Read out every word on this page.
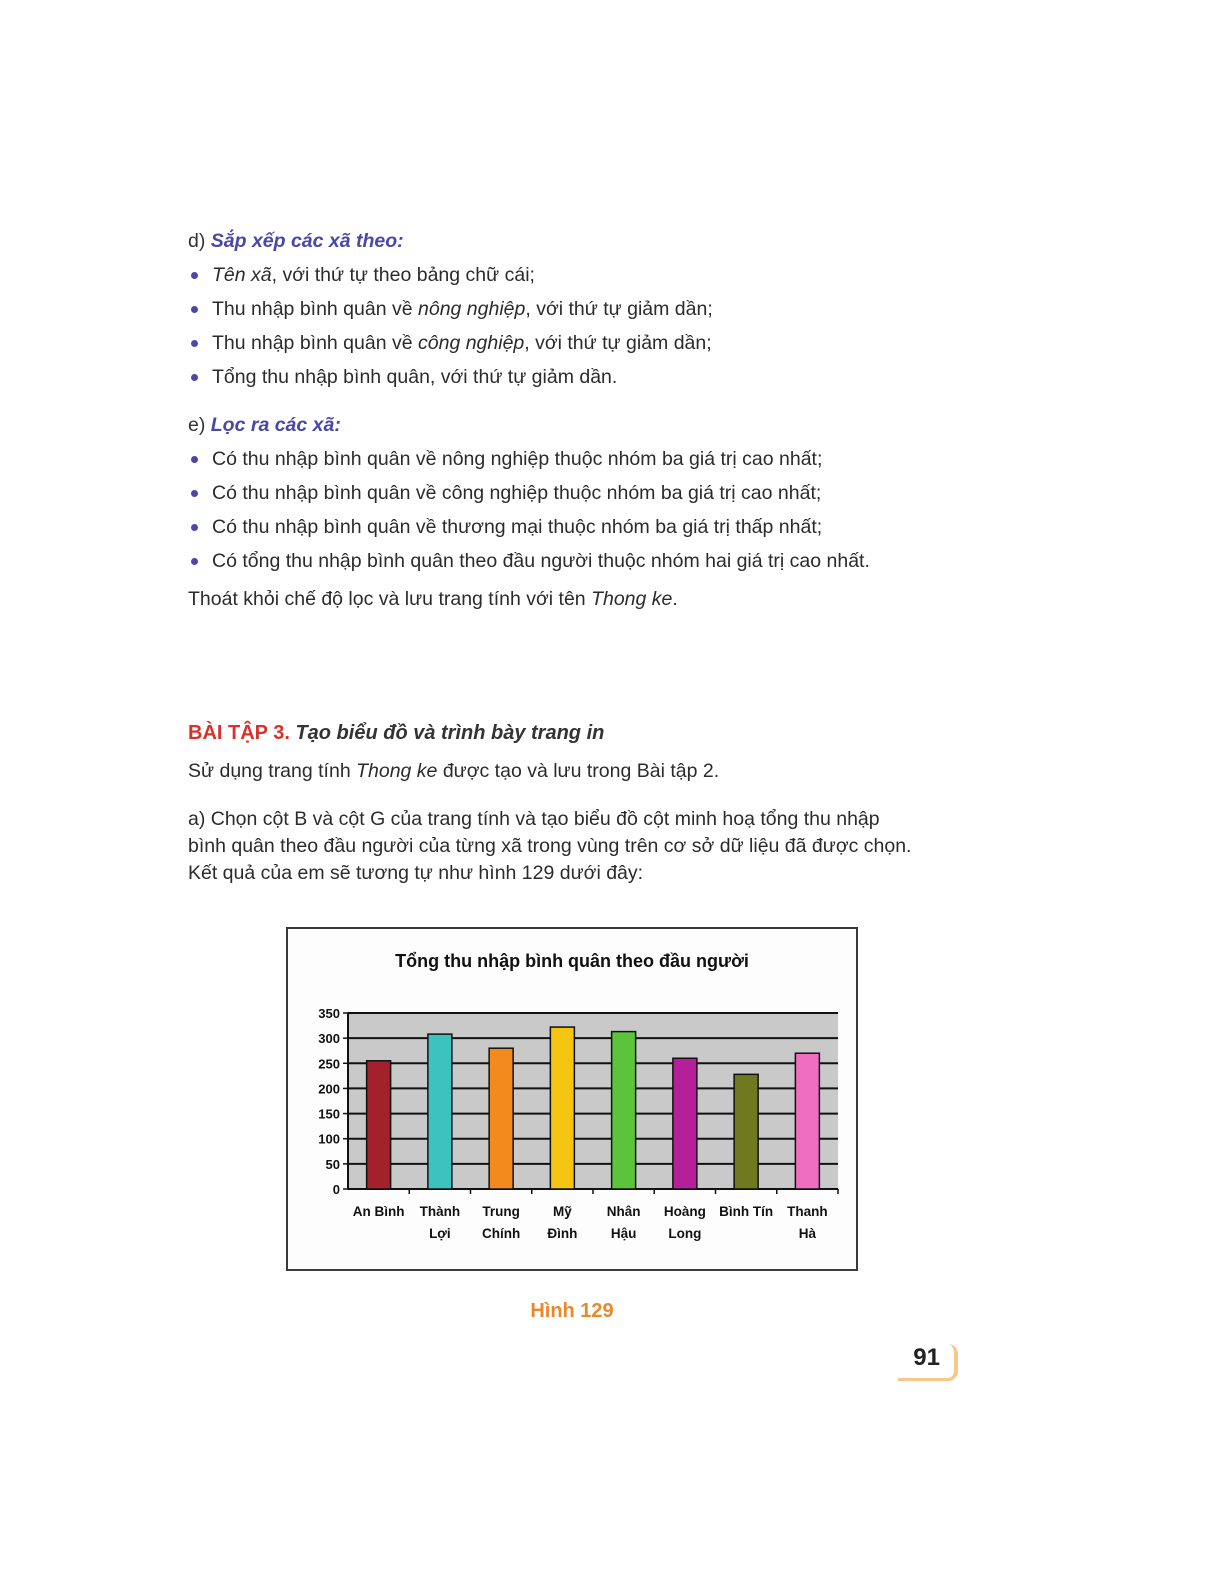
d) Sắp xếp các xã theo:

Tên xã, với thứ tự theo bảng chữ cái;
Thu nhập bình quân về nông nghiệp, với thứ tự giảm dần;
Thu nhập bình quân về công nghiệp, với thứ tự giảm dần;
Tổng thu nhập bình quân, với thứ tự giảm dần.

e) Lọc ra các xã:

Có thu nhập bình quân về nông nghiệp thuộc nhóm ba giá trị cao nhất;
Có thu nhập bình quân về công nghiệp thuộc nhóm ba giá trị cao nhất;
Có thu nhập bình quân về thương mại thuộc nhóm ba giá trị thấp nhất;
Có tổng thu nhập bình quân theo đầu người thuộc nhóm hai giá trị cao nhất.

Thoát khỏi chế độ lọc và lưu trang tính với tên Thong ke.

BÀI TẬP 3. Tạo biểu đồ và trình bày trang in

Sử dụng trang tính Thong ke được tạo và lưu trong Bài tập 2.

a) Chọn cột B và cột G của trang tính và tạo biểu đồ cột minh hoạ tổng thu nhập

bình quân theo đầu người của từng xã trong vùng trên cơ sở dữ liệu đã được chọn.

Kết quả của em sẽ tương tự như hình 129 dưới đây:

0
50
100
150
200
250
300
350
An Bình Thành
Lợi
Trung
Chính
Mỹ
Đình
Nhân
Hậu
Hoàng
Long
Bình Tín Thanh
Hà
Tổng thu nhập bình quân theo đầu người
Hình 129
91
